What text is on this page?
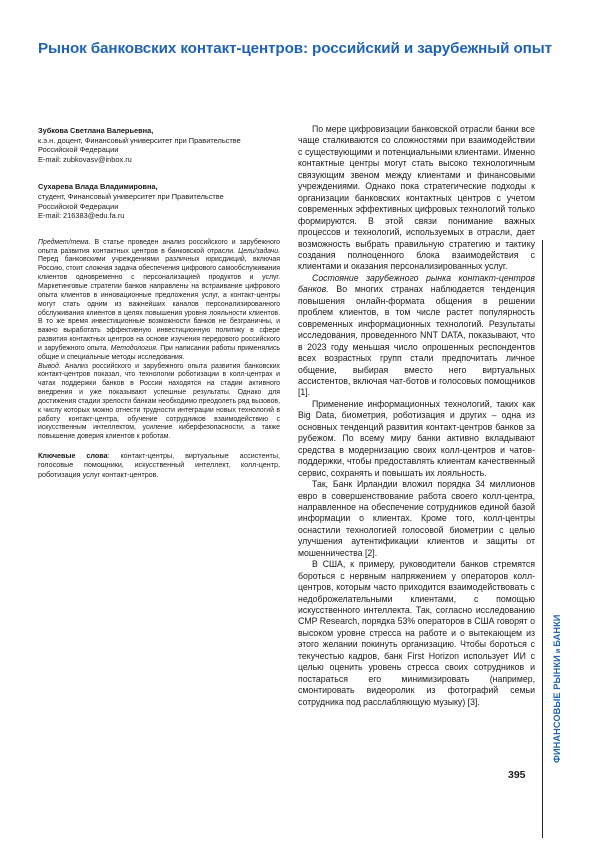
Рынок банковских контакт-центров: российский и зарубежный опыт
Зубкова Светлана Валерьевна,
к.э.н. доцент, Финансовый университет при Правительстве
Российской Федерации
E-mail: zubkovasv@inbox.ru
Сухарева Влада Владимировна,
студент, Финансовый университет при Правительстве
Российской Федерации
E-mail: 216383@edu.fa.ru

Предмет/тема. В статье проведен анализ российского и зарубежного опыта развития контактных центров в банковской отрасли. Цели/задачи. Перед банковскими учреждениями различных юрисдикций, включая Россию, стоит сложная задача обеспечения цифрового самообслуживания клиентов одновременно с персонализацией продуктов и услуг. Маркетинговые стратегии банков направлены на встраивание цифрового опыта клиентов в инновационные предложения услуг, а контакт-центры могут стать одним из важнейших каналов персонализированного обслуживания клиентов в целях повышения уровня лояльности клиентов. В то же время инвестиционные возможности банков не безграничны, и важно выработать эффективную инвестиционную политику в сфере развития контактных центров на основе изучения передового российского и зарубежного опыта. Методология. При написании работы применялись общие и специальные методы исследования.

Вывод. Анализ российского и зарубежного опыта развития банковских контакт-центров показал, что технологии роботизации в колл-центрах и чатах поддержки банков в России находятся на стадии активного внедрения и уже показывают успешные результаты. Однако для достижения стадии зрелости банкам необходимо преодолеть ряд вызовов, к числу которых можно отнести трудности интеграции новых технологий в работу контакт-центра, обучение сотрудников взаимодействию с искусственным интеллектом, усиление киберфезопасности, а также повышение доверия клиентов к роботам.

Ключевые слова: контакт-центры, виртуальные ассистенты, голосовые помощники, искусственный интеллект, колл-центр, роботизация услуг контакт-центров.

По мере цифровизации банковской отрасли банки все чаще сталкиваются со сложностями при взаимодействии с существующими и потенциальными клиентами. Именно контактные центры могут стать высоко технологичным связующим звеном между клиентами и финансовыми учреждениями. Однако пока стратегические подходы к организации банковских контактных центров с учетом современных эффективных цифровых технологий только формируются. В этой связи понимание важных процессов и технологий, используемых в отрасли, дает возможность выбрать правильную стратегию и тактику создания полноценного блока взаимодействия с клиентами и оказания персонализированных услуг.

Состояние зарубежного рынка контакт-центров банков. Во многих странах наблюдается тенденция повышения онлайн-формата общения в решении проблем клиентов, в том числе растет популярность современных информационных технологий. Результаты исследования, проведенного NNT DATA, показывают, что в 2023 году меньшая число опрошенных респондентов всех возрастных групп стали предпочитать личное общение, выбирая вместо него виртуальных ассистентов, включая чат-ботов и голосовых помощников [1].

Применение информационных технологий, таких как Big Data, биометрия, роботизация и других – одна из основных тенденций развития контакт-центров банков за рубежом. По всему миру банки активно вкладывают средства в модернизацию своих колл-центров и чатов-поддержки, чтобы предоставлять клиентам качественный сервис, сохранять и повышать их лояльность.

Так, Банк Ирландии вложил порядка 34 миллионов евро в совершенствование работа своего колл-центра, направленное на обеспечение сотрудников единой базой информации о клиентах. Кроме того, колл-центры оснастили технологией голосовой биометрии с целью улучшения аутентификации клиентов и защиты от мошенничества [2].

В США, к примеру, руководители банков стремятся бороться с нервным напряжением у операторов колл-центров, которым часто приходится взаимодействовать с недоброжелательными клиентами, с помощью искусственного интеллекта. Так, согласно исследованию CMP Research, порядка 53% операторов в США говорят о высоком уровне стресса на работе и о вытекающем из этого желании покинуть организацию. Чтобы бороться с текучестью кадров, банк First Horizon использует ИИ с целью оценить уровень стресса своих сотрудников и постараться его минимизировать (например, смонтировать видеоролик из фотографий семьи сотрудника под расслабляющую музыку) [3].	ФИНАНСОВЫЕ РЫНКИ и БАНКИ
395
